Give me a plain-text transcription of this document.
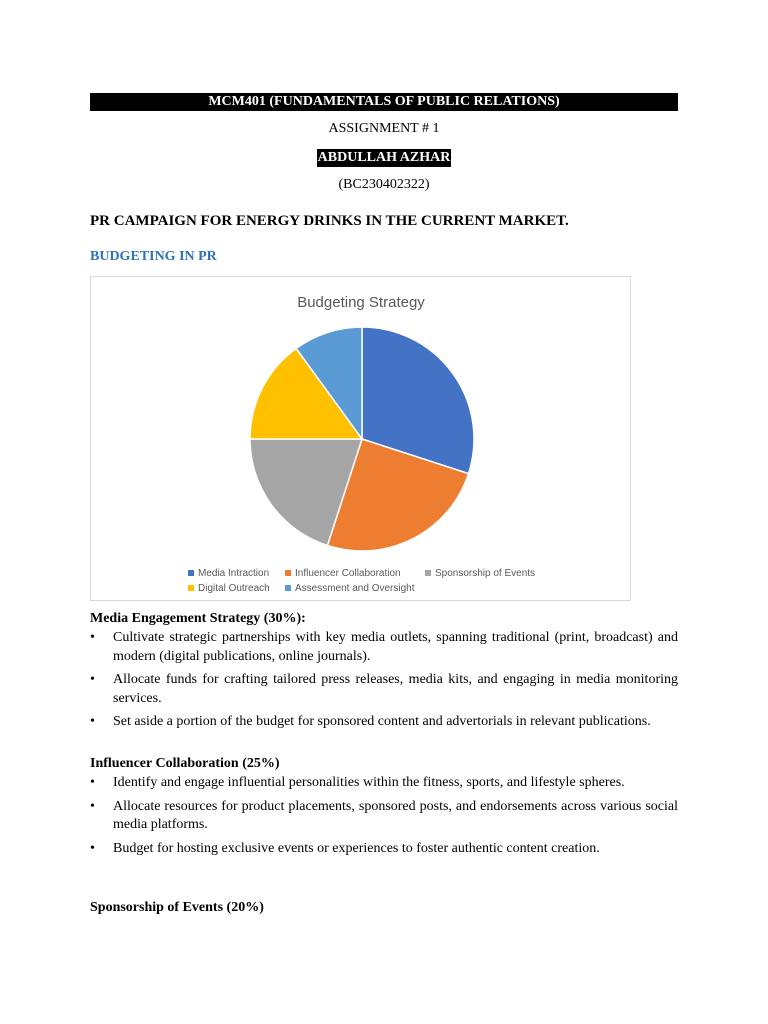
MCM401 (FUNDAMENTALS OF PUBLIC RELATIONS)
ASSIGNMENT # 1
ABDULLAH AZHAR
(BC230402322)
PR CAMPAIGN FOR ENERGY DRINKS IN THE CURRENT MARKET.
BUDGETING IN PR
Budgeting Strategy
Media Intraction	Influencer Collaboration	Sponsorship of Events
Digital Outreach	Assessment and Oversight
Media Engagement Strategy (30%):
• Cultivate strategic partnerships with key media outlets, spanning traditional (print, broadcast) and modern (digital publications, online journals).
• Allocate funds for crafting tailored press releases, media kits, and engaging in media monitoring services.
• Set aside a portion of the budget for sponsored content and advertorials in relevant publications.
Influencer Collaboration (25%)
• Identify and engage influential personalities within the fitness, sports, and lifestyle spheres.
• Allocate resources for product placements, sponsored posts, and endorsements across various social media platforms.
• Budget for hosting exclusive events or experiences to foster authentic content creation.
Sponsorship of Events (20%)
